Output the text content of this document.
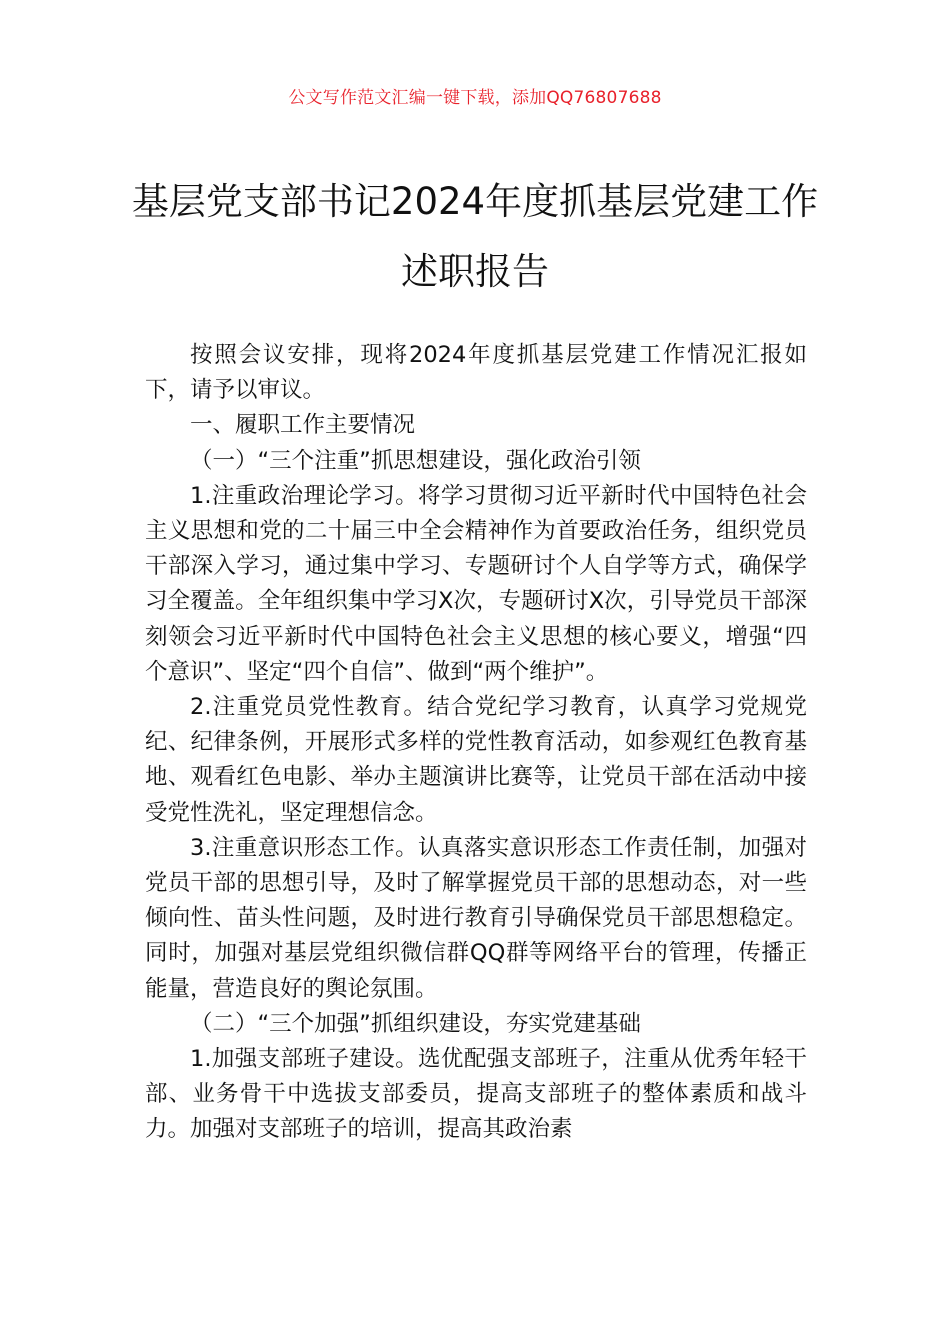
公文写作范文汇编一键下载，添加QQ76807688
基层党支部书记2024年度抓基层党建工作
述职报告

按照会议安排，现将2024年度抓基层党建工作情况汇报如下，请予以审议。

一、履职工作主要情况

（一）“三个注重”抓思想建设，强化政治引领

1.注重政治理论学习。将学习贯彻习近平新时代中国特色社会主义思想和党的二十届三中全会精神作为首要政治任务，组织党员干部深入学习，通过集中学习、专题研讨个人自学等方式，确保学习全覆盖。全年组织集中学习X次，专题研讨X次，引导党员干部深刻领会习近平新时代中国特色社会主义思想的核心要义，增强“四个意识”、坚定“四个自信”、做到“两个维护”。

2.注重党员党性教育。结合党纪学习教育，认真学习党规党纪、纪律条例，开展形式多样的党性教育活动，如参观红色教育基地、观看红色电影、举办主题演讲比赛等，让党员干部在活动中接受党性洗礼，坚定理想信念。

3.注重意识形态工作。认真落实意识形态工作责任制，加强对党员干部的思想引导，及时了解掌握党员干部的思想动态，对一些倾向性、苗头性问题，及时进行教育引导确保党员干部思想稳定。同时，加强对基层党组织微信群QQ群等网络平台的管理，传播正能量，营造良好的舆论氛围。

（二）“三个加强”抓组织建设，夯实党建基础

1.加强支部班子建设。选优配强支部班子，注重从优秀年轻干部、业务骨干中选拔支部委员，提高支部班子的整体素质和战斗力。加强对支部班子的培训，提高其政治素
